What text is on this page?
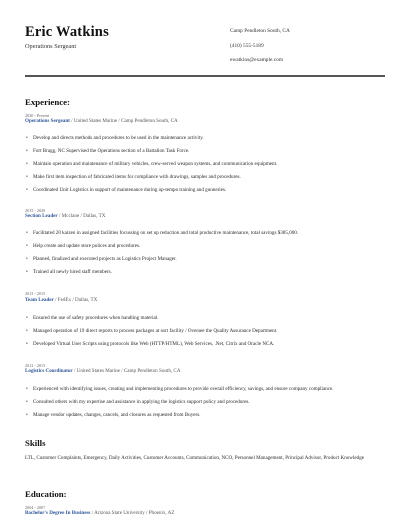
Eric Watkins
Operations Sergeant
Camp Pendleton South, CA
(410) 555-5189
ewatkins@example.com
Experience:
2020 - Present
Operations Sergeant / United States Marine / Camp Pendleton South, CA
• Develop and directs methods and procedures to be used in the maintenance activity.
• Fort Bragg, NC Supervised the Operations section of a Battalion Task Force.
• Maintain operation and maintenance of military vehicles, crew-served weapon systems, and communication equipment.
• Make first item inspection of fabricated items for compliance with drawings, samples and procedures.
• Coordinated Unit Logistics in support of maintenance during op-tempo training and gunneries.
2015 - 2020
Section Leader / Mcclane / Dallas, TX
• Facilitated 20 kaizen in assigned facilities focussing on set up reduction and total productive maintenance, total savings $385,000.
• Help create and update store polices and procedures.
• Planned, finalized and executed projects as Logistics Project Manager.
• Trained all newly hired staff members.
2013 - 2015
Team Leader / FedEx / Dallas, TX
• Ensured the use of safety procedures when handling material.
• Managed operation of 19 direct reports to process packages at sort facility / Oversee the Quality Assurance Department.
• Developed Virtual User Scripts using protocols like Web (HTTP/HTML), Web Services, .Net, Citrix and Oracle NCA.
2012 - 2013
Logistics Coordinator / United States Marine / Camp Pendleton South, CA
• Experienced with identifying issues, creating and implementing procedures to provide overall efficiency, savings, and ensure company compliance.
• Consulted others with my expertise and assistance in applying the logistics support policy and procedures.
• Manage vendor updates, changes, cancels, and closures as requested from Buyers.
Skills
LTL, Customer Complaints, Emergency, Daily Activities, Customer Accounts, Communication, NCO, Personnel Management, Principal Advisor, Product Knowledge
Education:
2004 - 2007
Bachelor's Degree In Business / Arizona State University / Phoenix, AZ
